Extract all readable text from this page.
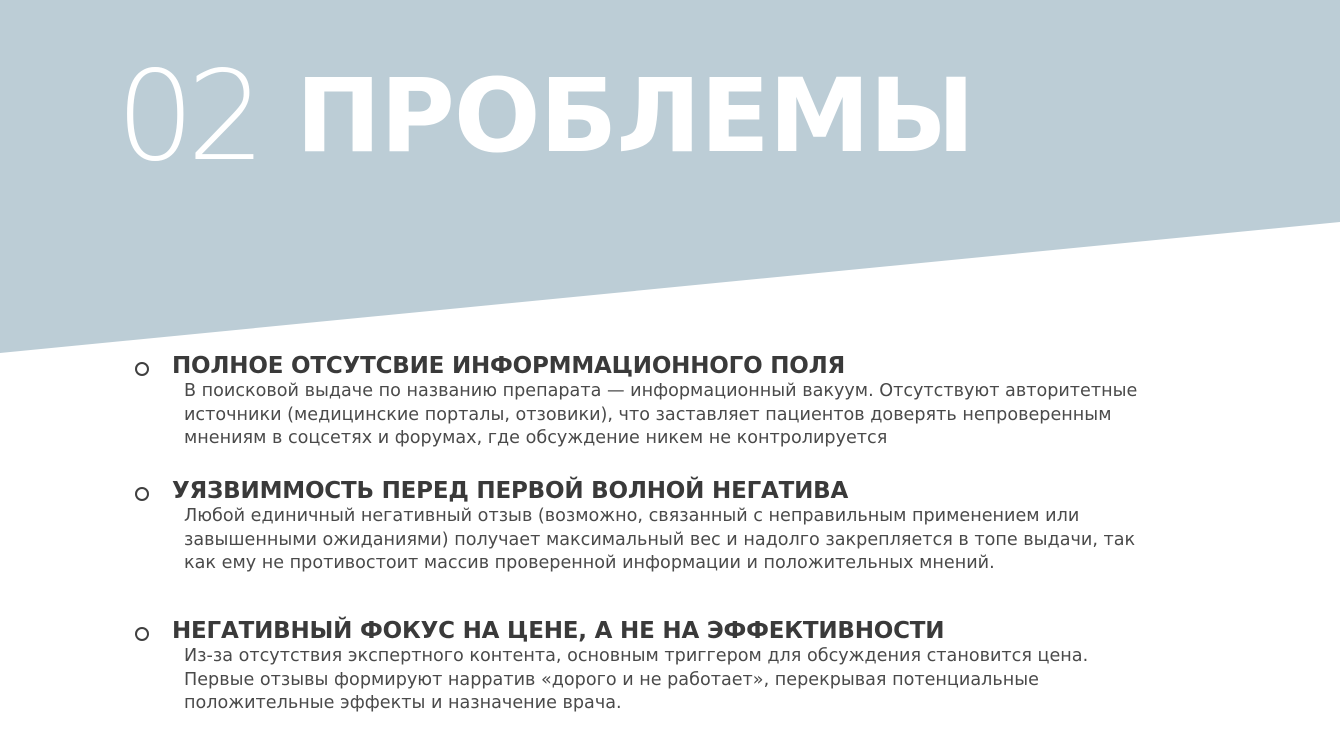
02 ПРОБЛЕМЫ
ПОЛНОЕ ОТСУТСВИЕ ИНФОРММАЦИОННОГО ПОЛЯ

В поисковой выдаче по названию препарата — информационный вакуум. Отсутствуют авторитетные
источники (медицинские порталы, отзовики), что заставляет пациентов доверять непроверенным
мнениям в соцсетях и форумах, где обсуждение никем не контролируется

УЯЗВИММОСТЬ ПЕРЕД ПЕРВОЙ ВОЛНОЙ НЕГАТИВА

Любой единичный негативный отзыв (возможно, связанный с неправильным применением или
завышенными ожиданиями) получает максимальный вес и надолго закрепляется в топе выдачи, так
как ему не противостоит массив проверенной информации и положительных мнений.

НЕГАТИВНЫЙ ФОКУС НА ЦЕНЕ, А НЕ НА ЭФФЕКТИВНОСТИ

Из-за отсутствия экспертного контента, основным триггером для обсуждения становится цена.
Первые отзывы формируют нарратив «дорого и не работает», перекрывая потенциальные
положительные эффекты и назначение врача.
